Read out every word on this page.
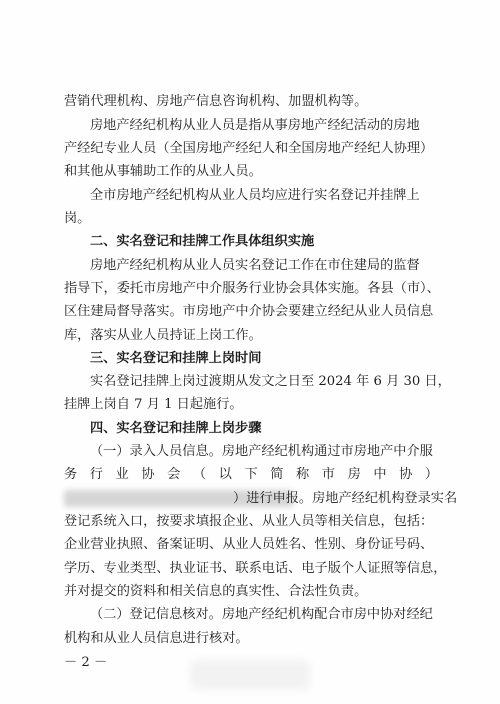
营销代理机构、房地产信息咨询机构、加盟机构等。
房地产经纪机构从业人员是指从事房地产经纪活动的房地
产经纪专业人员（全国房地产经纪人和全国房地产经纪人协理）
和其他从事辅助工作的从业人员。
全市房地产经纪机构从业人员均应进行实名登记并挂牌上
岗。
二、实名登记和挂牌工作具体组织实施
房地产经纪机构从业人员实名登记工作在市住建局的监督
指导下，委托市房地产中介服务行业协会具体实施。各县（市）、
区住建局督导落实。市房地产中介协会要建立经纪从业人员信息
库，落实从业人员持证上岗工作。
三、实名登记和挂牌上岗时间
实名登记挂牌上岗过渡期从发文之日至 2024 年 6 月 30 日，
挂牌上岗自 7 月 1 日起施行。
四、实名登记和挂牌上岗步骤
（一）录入人员信息。房地产经纪机构通过市房地产中介服
务 行 业 协 会 （ 以 下 简 称 市 房 中 协 ）
）进行申报。房地产经纪机构登录实名
登记系统入口，按要求填报企业、从业人员等相关信息，包括：
企业营业执照、备案证明、从业人员姓名、性别、身份证号码、
学历、专业类型、执业证书、联系电话、电子版个人证照等信息，
并对提交的资料和相关信息的真实性、合法性负责。
（二）登记信息核对。房地产经纪机构配合市房中协对经纪
机构和从业人员信息进行核对。
－ 2 －
